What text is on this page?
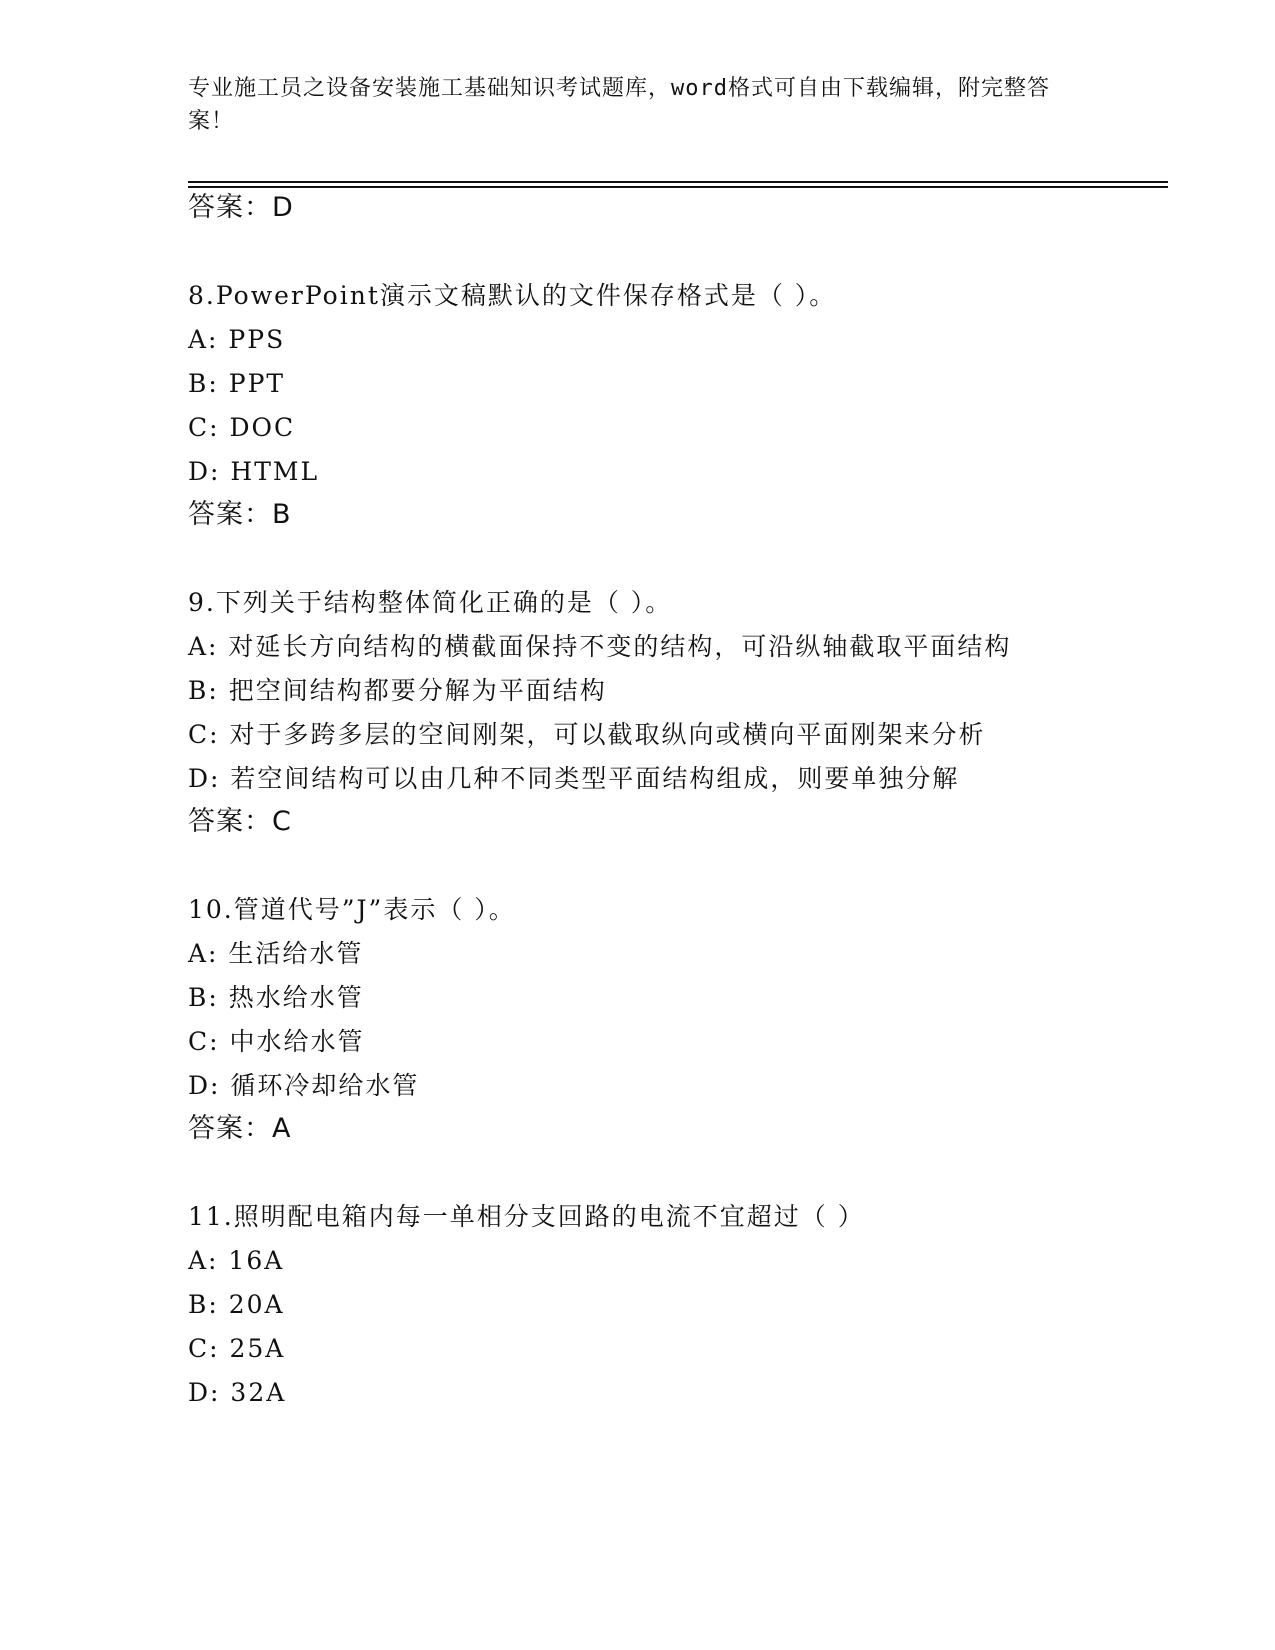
专业施工员之设备安装施工基础知识考试题库，word格式可自由下载编辑，附完整答案！
答案：D
8.PowerPoint演示文稿默认的文件保存格式是（ ）。
A: PPS
B: PPT
C: DOC
D: HTML
答案：B
9.下列关于结构整体简化正确的是（ ）。
A: 对延长方向结构的横截面保持不变的结构，可沿纵轴截取平面结构
B: 把空间结构都要分解为平面结构
C: 对于多跨多层的空间刚架，可以截取纵向或横向平面刚架来分析
D: 若空间结构可以由几种不同类型平面结构组成，则要单独分解
答案：C
10.管道代号”J”表示（ ）。
A: 生活给水管
B: 热水给水管
C: 中水给水管
D: 循环冷却给水管
答案：A
11.照明配电箱内每一单相分支回路的电流不宜超过（ ）
A: 16A
B: 20A
C: 25A
D: 32A
